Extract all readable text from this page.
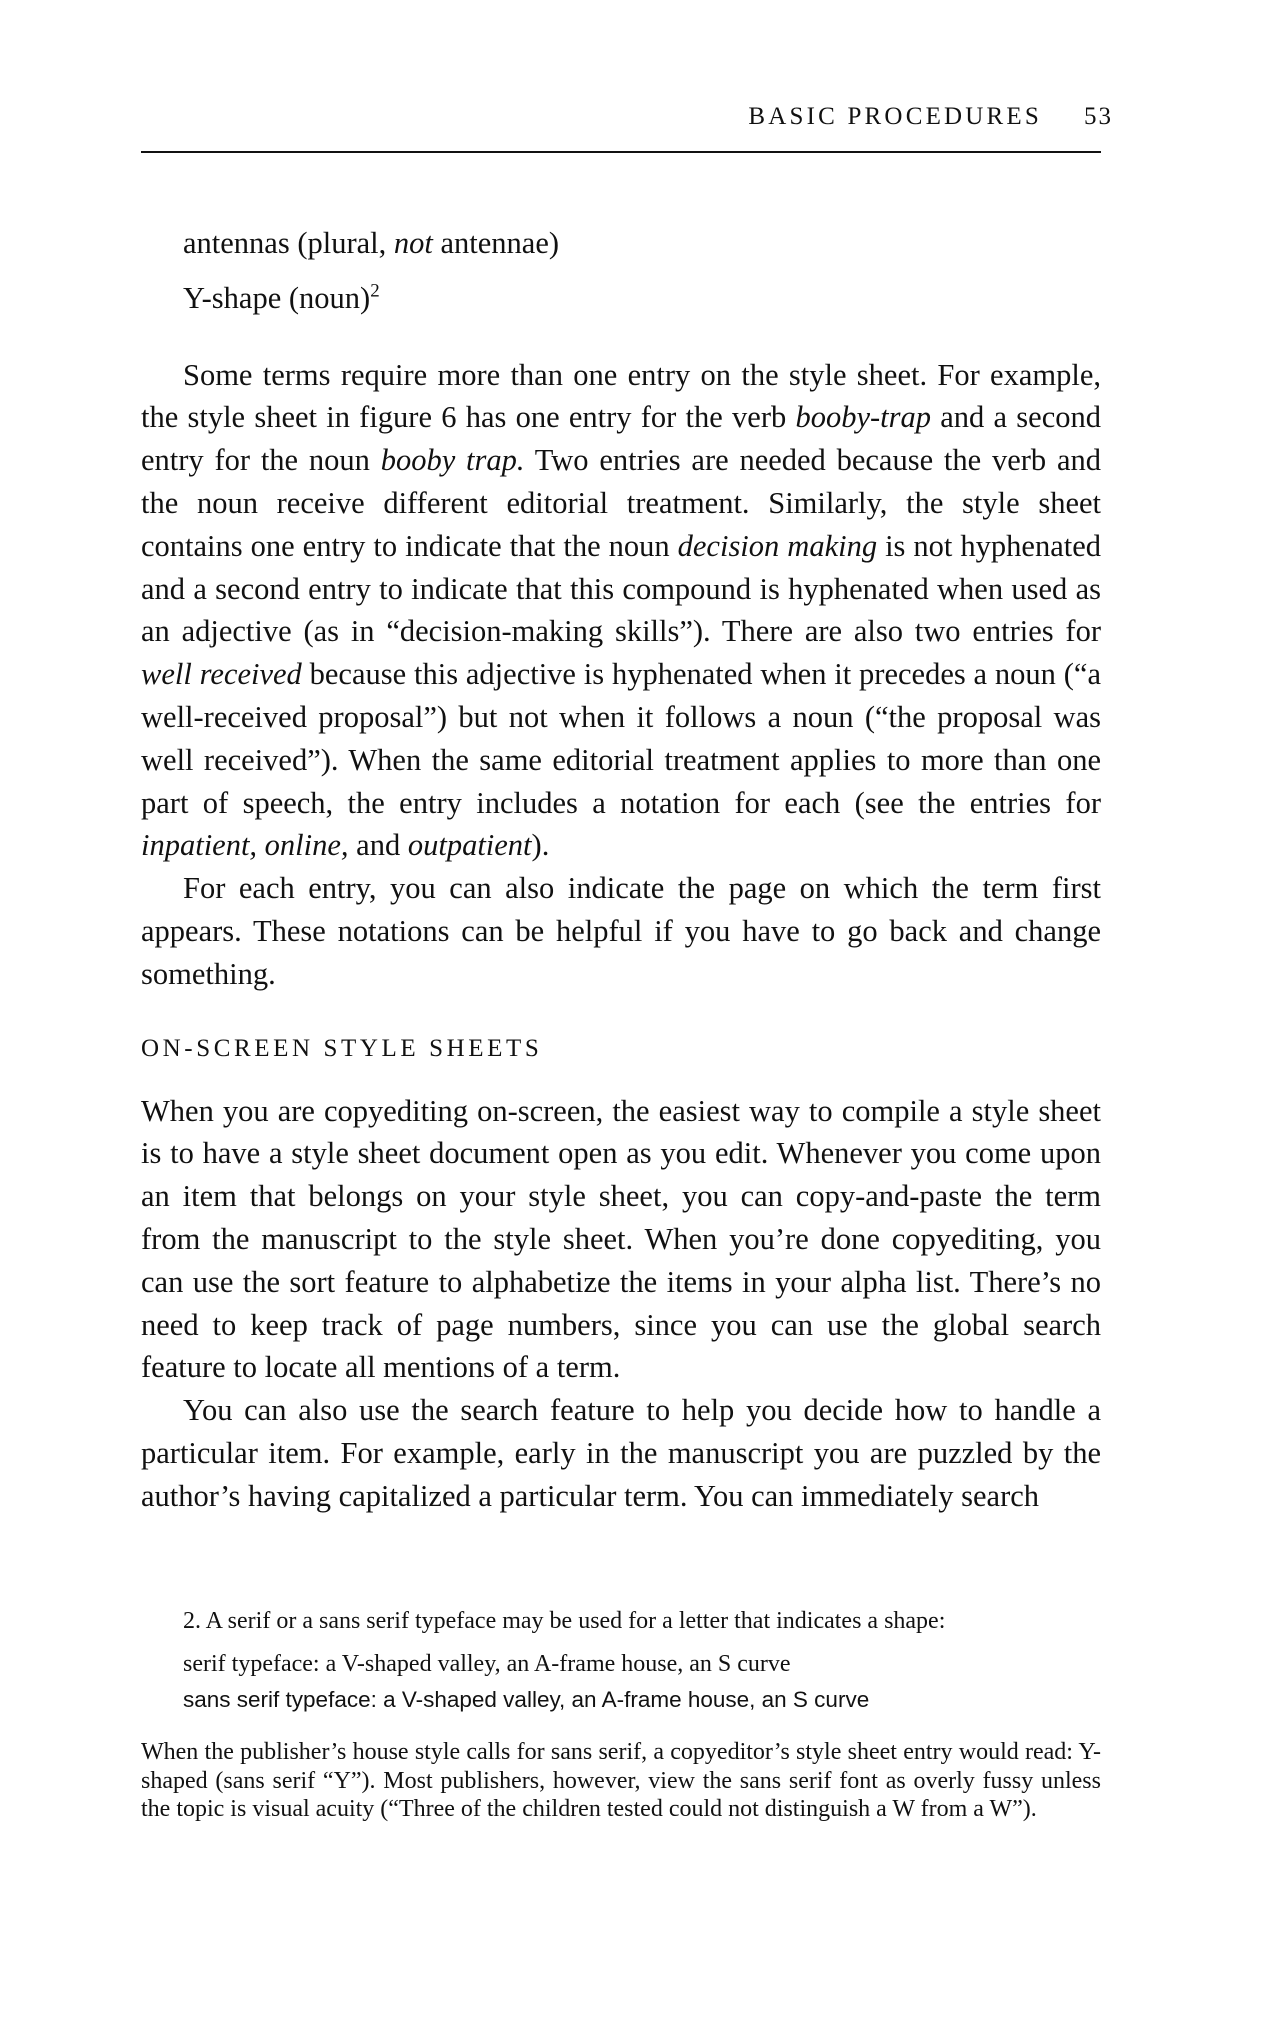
BASIC PROCEDURES 53

antennas (plural, not antennae)

Y-shape (noun)$^2$

Some terms require more than one entry on the style sheet. For example, the style sheet in figure 6 has one entry for the verb booby-trap and a second entry for the noun booby trap. Two entries are needed because the verb and the noun receive different editorial treatment. Similarly, the style sheet contains one entry to indicate that the noun decision making is not hyphenated and a second entry to indicate that this compound is hyphenated when used as an adjective (as in “decision-making skills”). There are also two entries for well received because this adjective is hyphenated when it precedes a noun (“a well-received proposal”) but not when it follows a noun (“the proposal was well received”). When the same editorial treatment applies to more than one part of speech, the entry includes a notation for each (see the entries for inpatient, online, and outpatient).

For each entry, you can also indicate the page on which the term first appears. These notations can be helpful if you have to go back and change something.

ON-SCREEN STYLE SHEETS

When you are copyediting on-screen, the easiest way to compile a style sheet is to have a style sheet document open as you edit. Whenever you come upon an item that belongs on your style sheet, you can copy-and-paste the term from the manuscript to the style sheet. When you’re done copyediting, you can use the sort feature to alphabetize the items in your alpha list. There’s no need to keep track of page numbers, since you can use the global search feature to locate all mentions of a term.

You can also use the search feature to help you decide how to handle a particular item. For example, early in the manuscript you are puzzled by the author’s having capitalized a particular term. You can immediately search

2. A serif or a sans serif typeface may be used for a letter that indicates a shape:
serif typeface: a V-shaped valley, an A-frame house, an S curve
sans serif typeface: a V-shaped valley, an A-frame house, an S curve
When the publisher’s house style calls for sans serif, a copyeditor’s style sheet entry would read: Y-shaped (sans serif “Y”). Most publishers, however, view the sans serif font as overly fussy unless the topic is visual acuity (“Three of the children tested could not distinguish a W from a W”).
